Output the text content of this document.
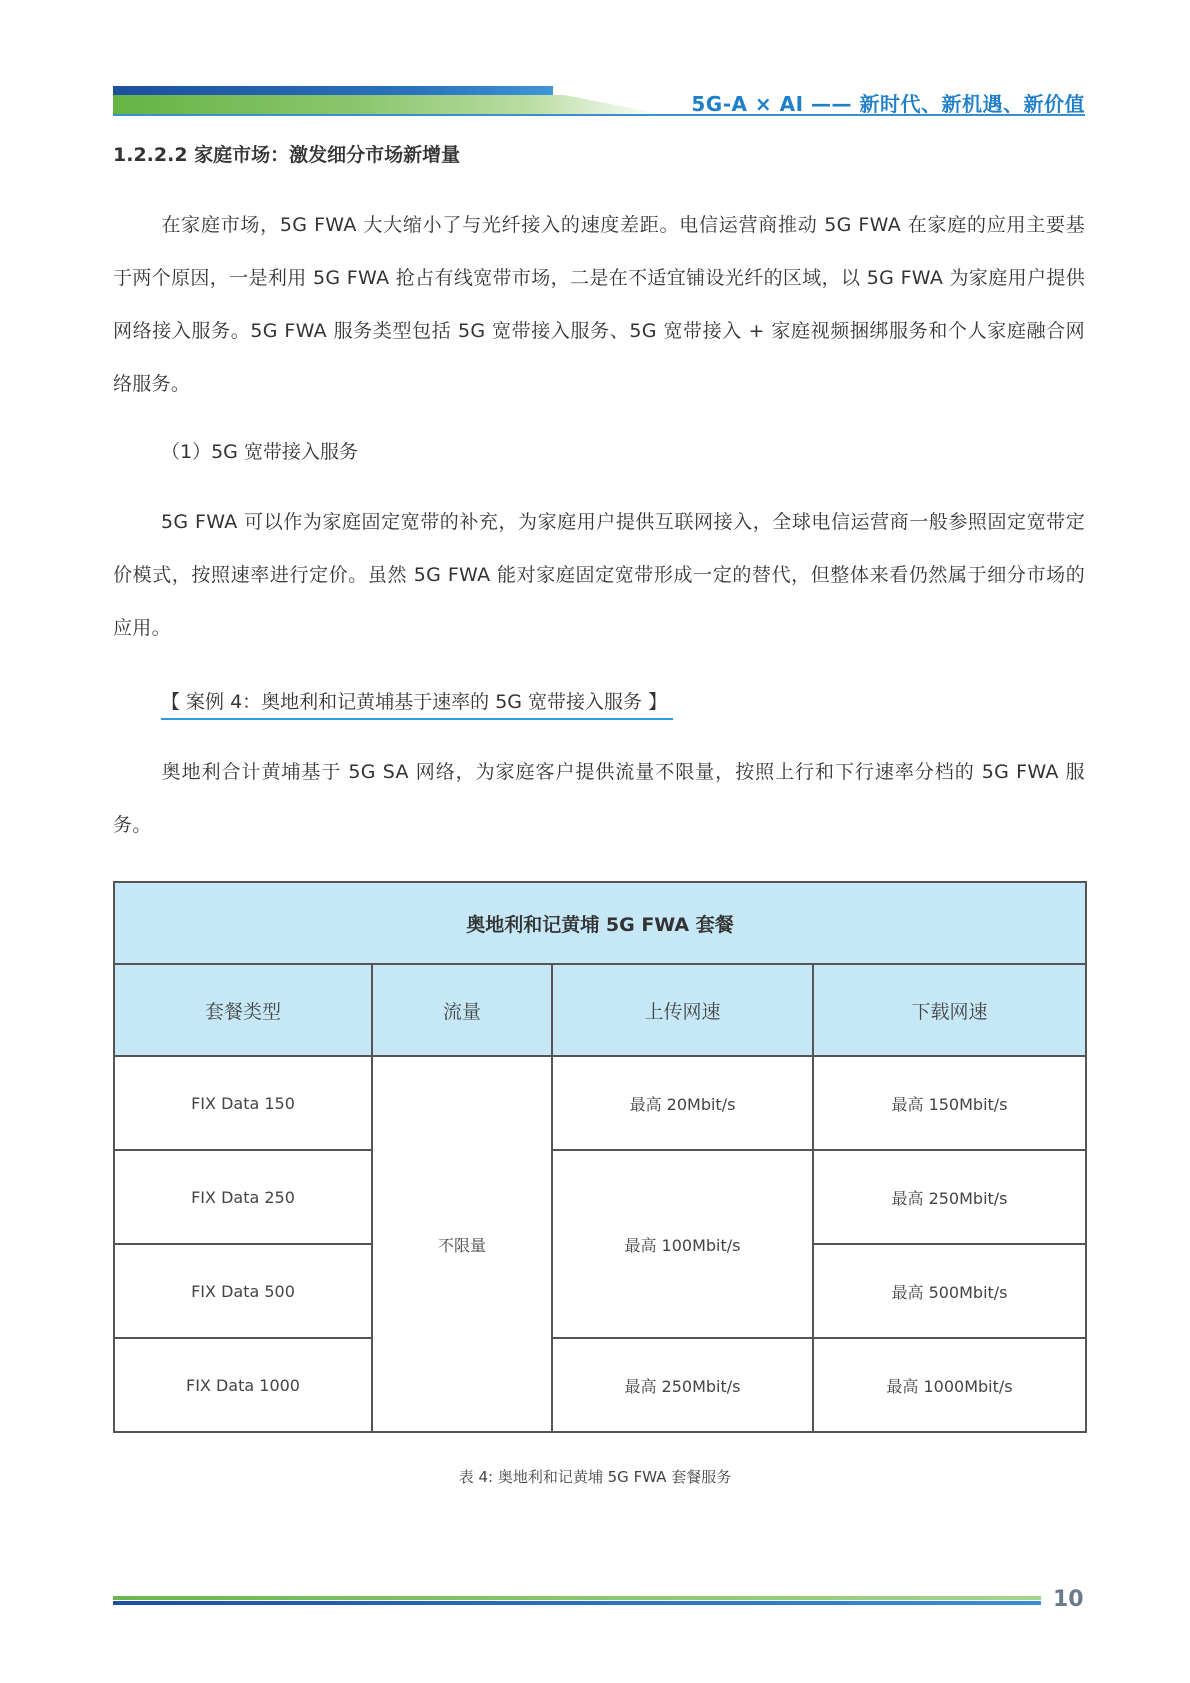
5G-A × AI —— 新时代、新机遇、新价值
1.2.2.2 家庭市场：激发细分市场新增量

在家庭市场，5G FWA 大大缩小了与光纤接入的速度差距。电信运营商推动 5G FWA 在家庭的应用主要基于两个原因，一是利用 5G FWA 抢占有线宽带市场，二是在不适宜铺设光纤的区域，以 5G FWA 为家庭用户提供网络接入服务。5G FWA 服务类型包括 5G 宽带接入服务、5G 宽带接入 + 家庭视频捆绑服务和个人家庭融合网络服务。

（1）5G 宽带接入服务

5G FWA 可以作为家庭固定宽带的补充，为家庭用户提供互联网接入，全球电信运营商一般参照固定宽带定价模式，按照速率进行定价。虽然 5G FWA 能对家庭固定宽带形成一定的替代，但整体来看仍然属于细分市场的应用。

【 案例 4：奥地利和记黄埔基于速率的 5G 宽带接入服务 】

奥地利合计黄埔基于 5G SA 网络，为家庭客户提供流量不限量，按照上行和下行速率分档的 5G FWA 服务。

奥地利和记黄埔 5G FWA 套餐			
套餐类型	流量	上传网速	下载网速
FIX Data 150	不限量	最高 20Mbit/s	最高 150Mbit/s
FIX Data 250		最高 100Mbit/s	最高 250Mbit/s
FIX Data 500			最高 500Mbit/s
FIX Data 1000		最高 250Mbit/s	最高 1000Mbit/s
表 4: 奥地利和记黄埔 5G FWA 套餐服务
10
